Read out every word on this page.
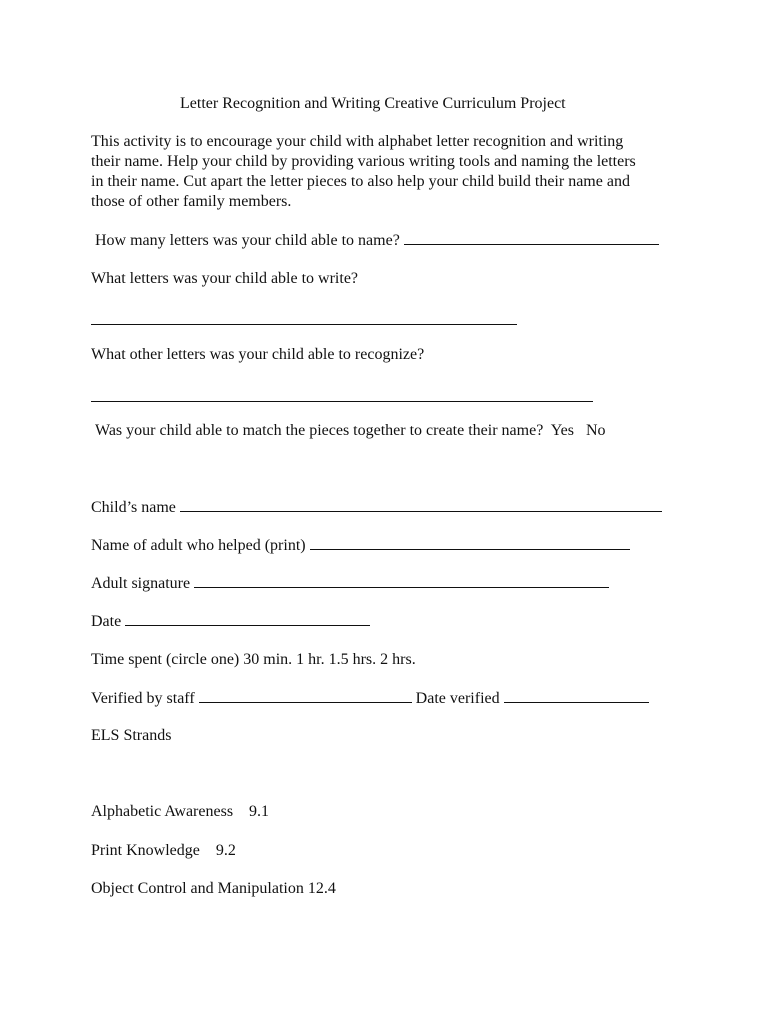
Letter Recognition and Writing Creative Curriculum Project
This activity is to encourage your child with alphabet letter recognition and writing
their name. Help your child by providing various writing tools and naming the letters
in their name. Cut apart the letter pieces to also help your child build their name and
those of other family members.
How many letters was your child able to name?
What letters was your child able to write?
What other letters was your child able to recognize?
Was your child able to match the pieces together to create their name? Yes No
Child’s name
Name of adult who helped (print)
Adult signature
Date
Time spent (circle one) 30 min. 1 hr. 1.5 hrs. 2 hrs.
Verified by staff	Date verified
ELS Strands
Alphabetic Awareness 9.1
Print Knowledge 9.2
Object Control and Manipulation 12.4
